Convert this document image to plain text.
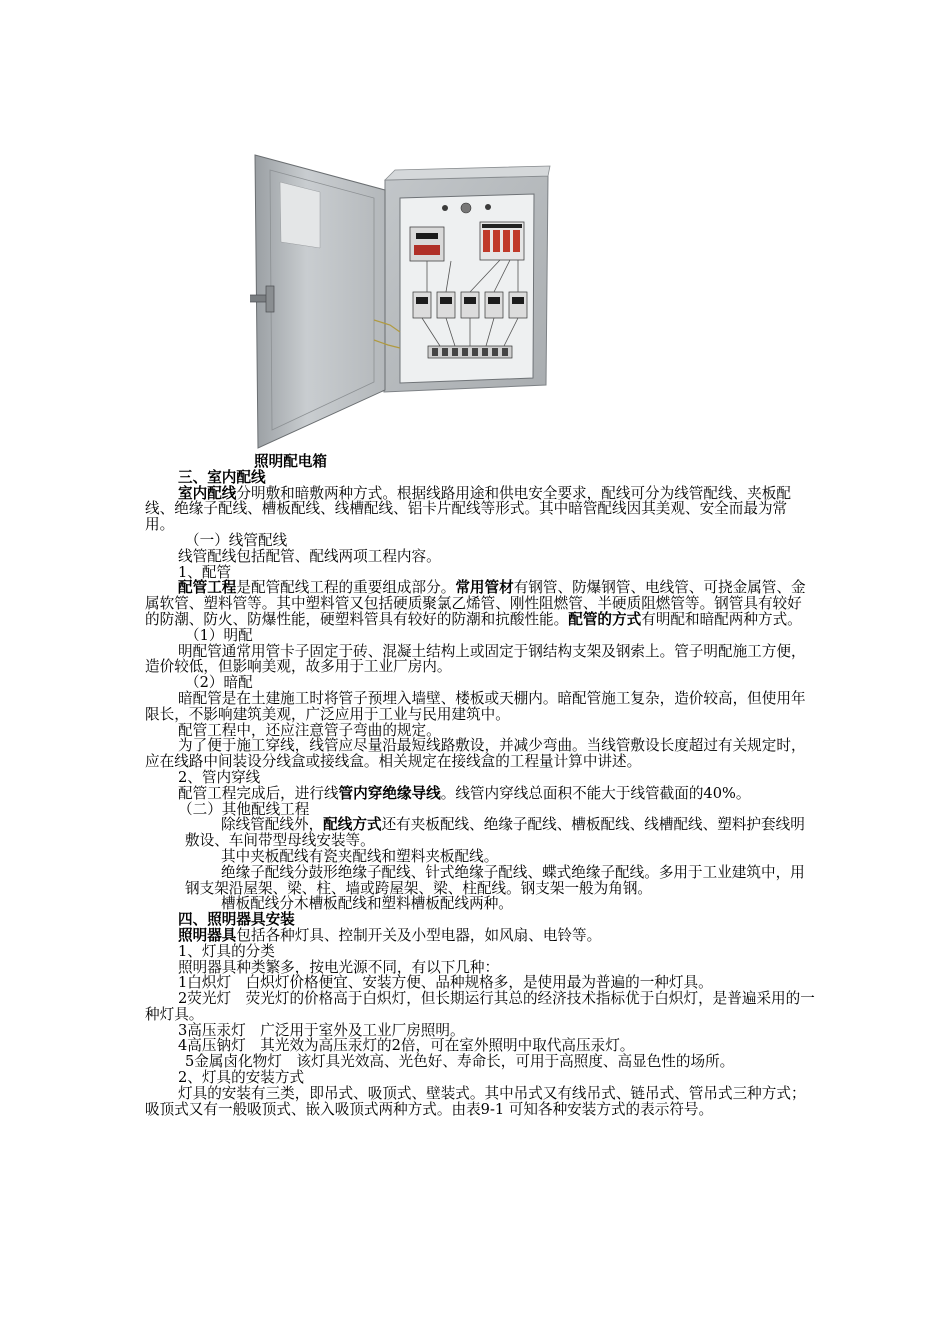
照明配电箱

三、室内配线

室内配线分明敷和暗敷两种方式。根据线路用途和供电安全要求，配线可分为线管配线、夹板配线、绝缘子配线、槽板配线、线槽配线、铝卡片配线等形式。其中暗管配线因其美观、安全而最为常用。

（一）线管配线

线管配线包括配管、配线两项工程内容。

1、配管

配管工程是配管配线工程的重要组成部分。常用管材有钢管、防爆钢管、电线管、可挠金属管、金属软管、塑料管等。其中塑料管又包括硬质聚氯乙烯管、刚性阻燃管、半硬质阻燃管等。钢管具有较好的防潮、防火、防爆性能，硬塑料管具有较好的防潮和抗酸性能。配管的方式有明配和暗配两种方式。

（1）明配

明配管通常用管卡子固定于砖、混凝土结构上或固定于钢结构支架及钢索上。管子明配施工方便，造价较低，但影响美观，故多用于工业厂房内。

（2）暗配

暗配管是在土建施工时将管子预埋入墙壁、楼板或天棚内。暗配管施工复杂，造价较高，但使用年限长，不影响建筑美观，广泛应用于工业与民用建筑中。

配管工程中，还应注意管子弯曲的规定。

为了便于施工穿线，线管应尽量沿最短线路敷设，并减少弯曲。当线管敷设长度超过有关规定时，应在线路中间装设分线盒或接线盒。相关规定在接线盒的工程量计算中讲述。

2、管内穿线

配管工程完成后，进行线管内穿绝缘导线。线管内穿线总面积不能大于线管截面的40%。

（二）其他配线工程

除线管配线外，配线方式还有夹板配线、绝缘子配线、槽板配线、线槽配线、塑料护套线明敷设、车间带型母线安装等。

其中夹板配线有瓷夹配线和塑料夹板配线。

绝缘子配线分鼓形绝缘子配线、针式绝缘子配线、蝶式绝缘子配线。多用于工业建筑中，用钢支架沿屋架、梁、柱、墙或跨屋架、梁、柱配线。钢支架一般为角钢。

槽板配线分木槽板配线和塑料槽板配线两种。

四、照明器具安装

照明器具包括各种灯具、控制开关及小型电器，如风扇、电铃等。

1、灯具的分类

照明器具种类繁多，按电光源不同，有以下几种：

1白炽灯　白炽灯价格便宜、安装方便、品种规格多，是使用最为普遍的一种灯具。

2荧光灯　荧光灯的价格高于白炽灯，但长期运行其总的经济技术指标优于白炽灯，是普遍采用的一种灯具。

3高压汞灯　广泛用于室外及工业厂房照明。

4高压钠灯　其光效为高压汞灯的2倍，可在室外照明中取代高压汞灯。

5金属卤化物灯　该灯具光效高、光色好、寿命长，可用于高照度、高显色性的场所。

2、灯具的安装方式

灯具的安装有三类，即吊式、吸顶式、壁装式。其中吊式又有线吊式、链吊式、管吊式三种方式；吸顶式又有一般吸顶式、嵌入吸顶式两种方式。由表9-1 可知各种安装方式的表示符号。
